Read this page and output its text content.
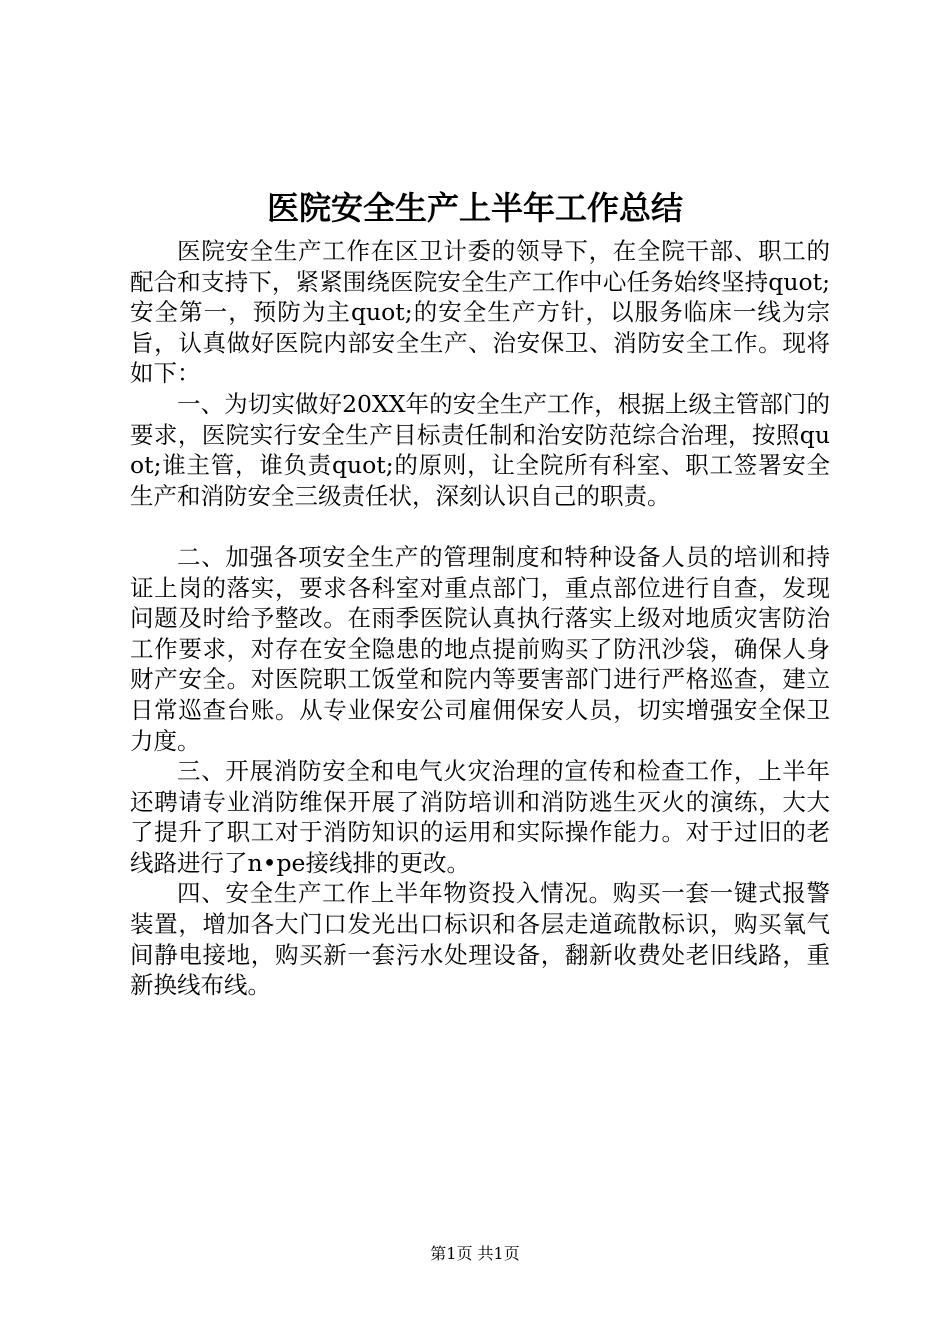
医院安全生产上半年工作总结

医院安全生产工作在区卫计委的领导下，在全院干部、职工的配合和支持下，紧紧围绕医院安全生产工作中心任务始终坚持quot;安全第一，预防为主quot;的安全生产方针，以服务临床一线为宗旨，认真做好医院内部安全生产、治安保卫、消防安全工作。现将如下：

一、为切实做好20XX年的安全生产工作，根据上级主管部门的要求，医院实行安全生产目标责任制和治安防范综合治理，按照quot;谁主管，谁负责quot;的原则，让全院所有科室、职工签署安全生产和消防安全三级责任状，深刻认识自己的职责。

二、加强各项安全生产的管理制度和特种设备人员的培训和持证上岗的落实，要求各科室对重点部门，重点部位进行自查，发现问题及时给予整改。在雨季医院认真执行落实上级对地质灾害防治工作要求，对存在安全隐患的地点提前购买了防汛沙袋，确保人身财产安全。对医院职工饭堂和院内等要害部门进行严格巡查，建立日常巡查台账。从专业保安公司雇佣保安人员，切实增强安全保卫力度。

三、开展消防安全和电气火灾治理的宣传和检查工作，上半年还聘请专业消防维保开展了消防培训和消防逃生灭火的演练，大大了提升了职工对于消防知识的运用和实际操作能力。对于过旧的老线路进行了n•pe接线排的更改。

四、安全生产工作上半年物资投入情况。购买一套一键式报警装置，增加各大门口发光出口标识和各层走道疏散标识，购买氧气间静电接地，购买新一套污水处理设备，翻新收费处老旧线路，重新换线布线。

第1页 共1页
